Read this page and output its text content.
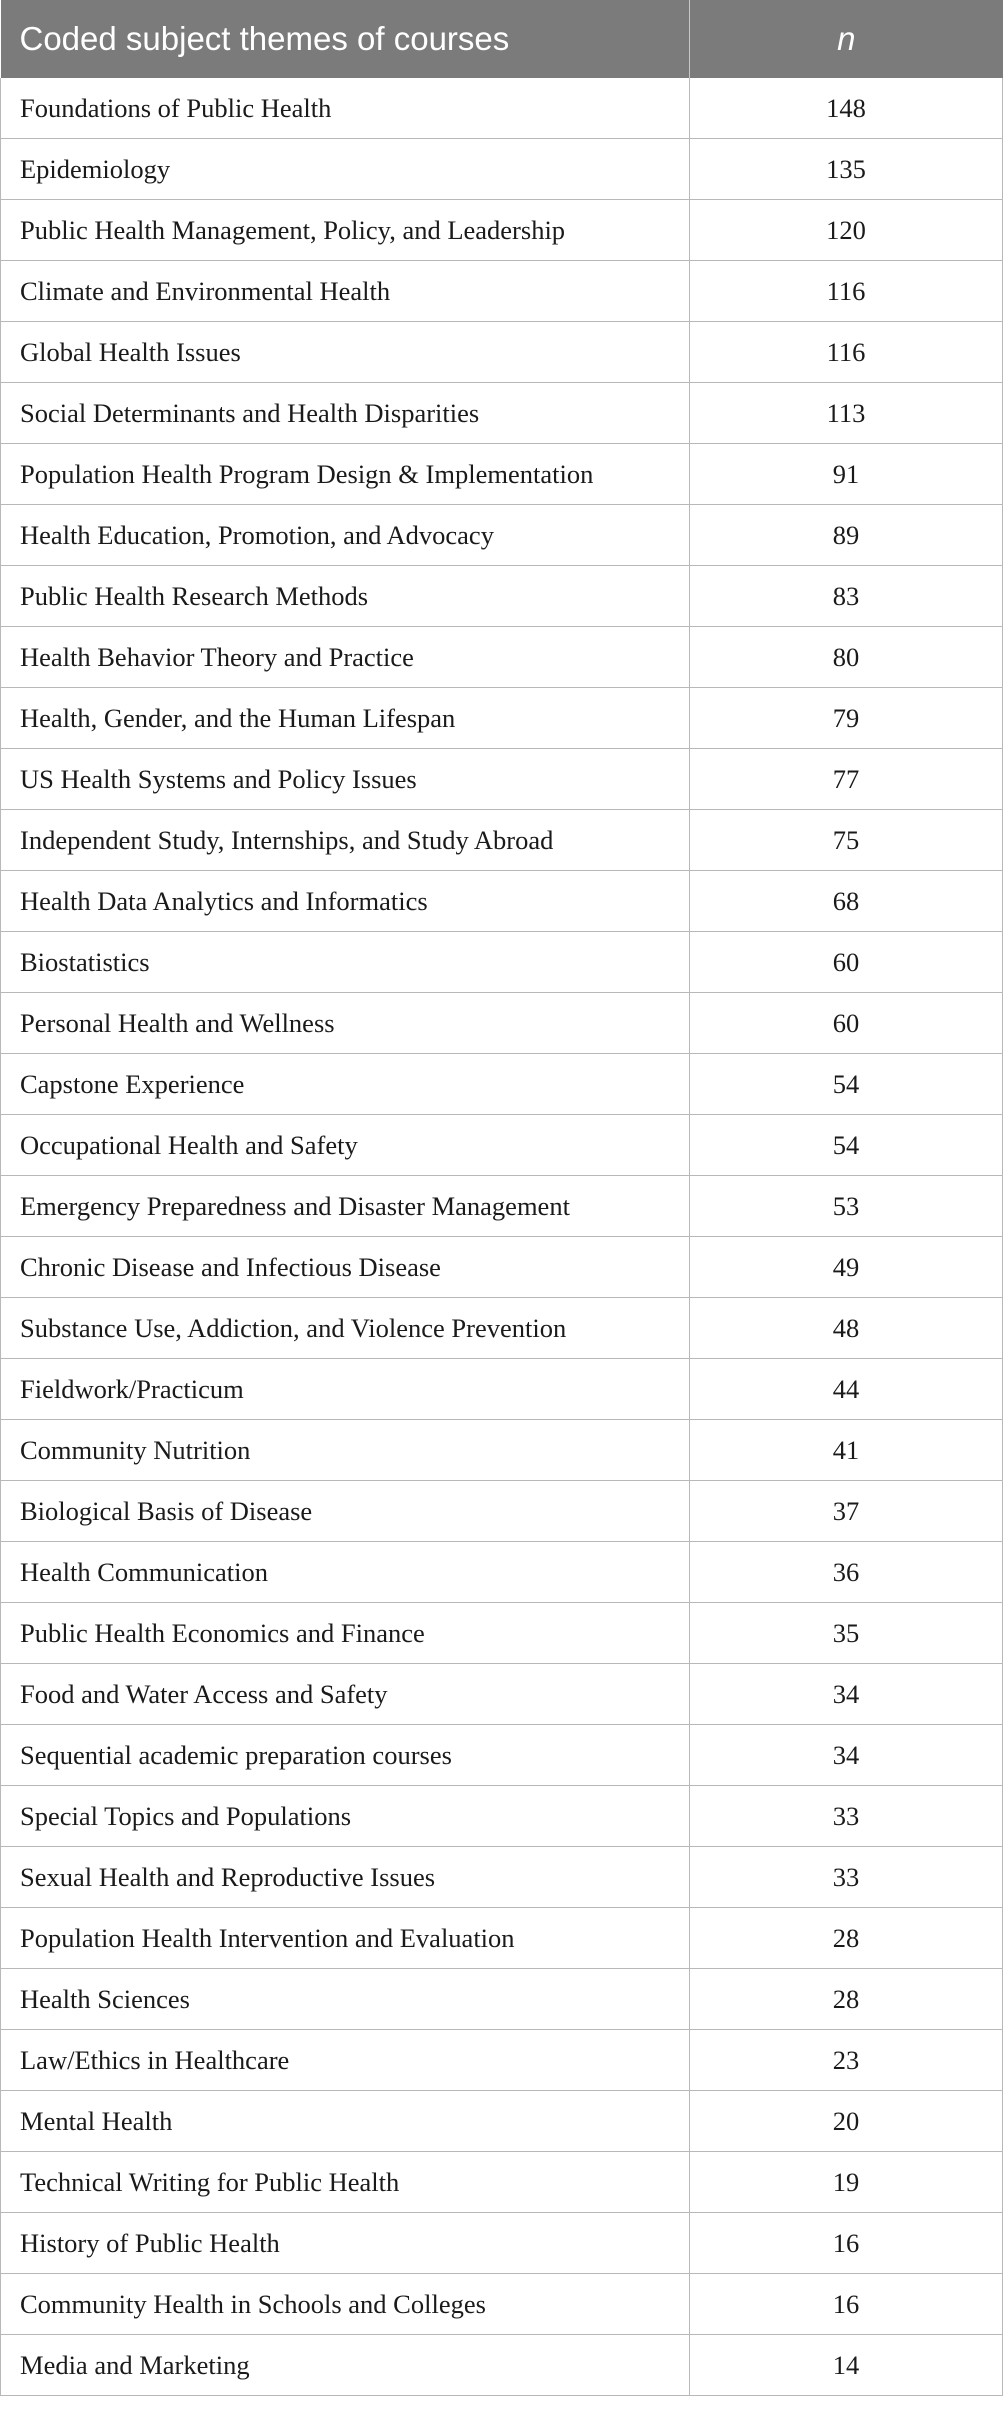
Coded subject themes of courses	n
Foundations of Public Health	148
Epidemiology	135
Public Health Management, Policy, and Leadership	120
Climate and Environmental Health	116
Global Health Issues	116
Social Determinants and Health Disparities	113
Population Health Program Design & Implementation	91
Health Education, Promotion, and Advocacy	89
Public Health Research Methods	83
Health Behavior Theory and Practice	80
Health, Gender, and the Human Lifespan	79
US Health Systems and Policy Issues	77
Independent Study, Internships, and Study Abroad	75
Health Data Analytics and Informatics	68
Biostatistics	60
Personal Health and Wellness	60
Capstone Experience	54
Occupational Health and Safety	54
Emergency Preparedness and Disaster Management	53
Chronic Disease and Infectious Disease	49
Substance Use, Addiction, and Violence Prevention	48
Fieldwork/Practicum	44
Community Nutrition	41
Biological Basis of Disease	37
Health Communication	36
Public Health Economics and Finance	35
Food and Water Access and Safety	34
Sequential academic preparation courses	34
Special Topics and Populations	33
Sexual Health and Reproductive Issues	33
Population Health Intervention and Evaluation	28
Health Sciences	28
Law/Ethics in Healthcare	23
Mental Health	20
Technical Writing for Public Health	19
History of Public Health	16
Community Health in Schools and Colleges	16
Media and Marketing	14
